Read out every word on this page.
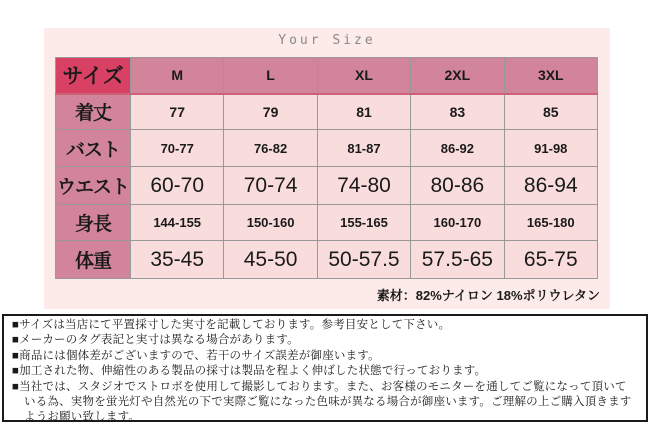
Your Size
サイズ	M	L	XL	2XL	3XL
着丈	77	79	81	83	85
バスト	70-77	76-82	81-87	86-92	91-98
ウエスト	60-70	70-74	74-80	80-86	86-94
身長	144-155	150-160	155-165	160-170	165-180
体重	35-45	45-50	50-57.5	57.5-65	65-75
素材：82%ナイロン 18%ポリウレタン
■サイズは当店にて平置採寸した実寸を記載しております。参考目安として下さい。
■メーカーのタグ表記と実寸は異なる場合があります。
■商品には個体差がございますので、若干のサイズ誤差が御座います。
■加工された物、伸縮性のある製品の採寸は製品を程よく伸ばした状態で行っております。
■当社では、スタジオでストロボを使用して撮影しております。また、お客様のモニターを通してご覧になって頂いている為、実物を蛍光灯や自然光の下で実際ご覧になった色味が異なる場合が御座います。ご理解の上ご購入頂きますようお願い致します。
